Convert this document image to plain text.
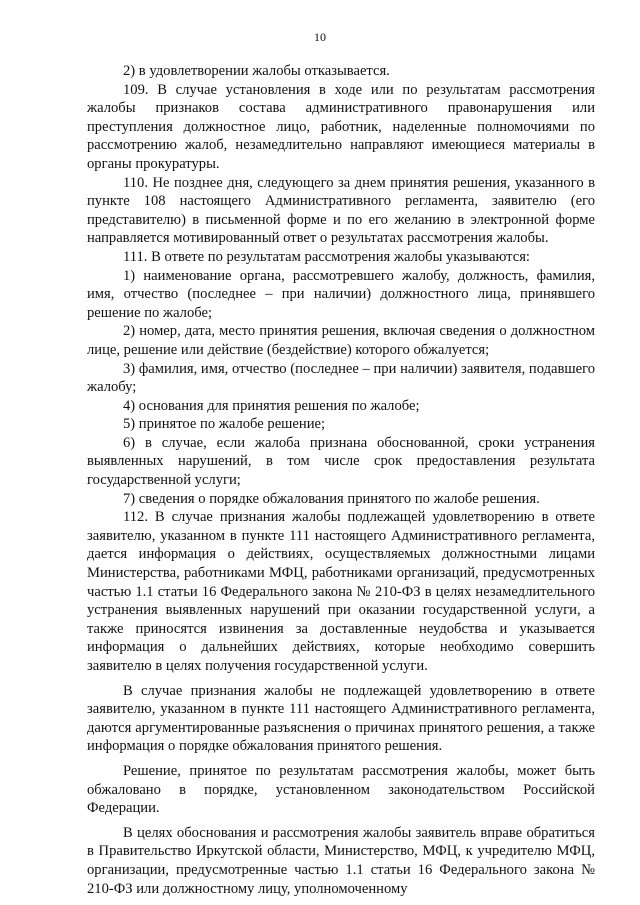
10

2) в удовлетворении жалобы отказывается.

109. В случае установления в ходе или по результатам рассмотрения жалобы признаков состава административного правонарушения или преступления должностное лицо, работник, наделенные полномочиями по рассмотрению жалоб, незамедлительно направляют имеющиеся материалы в органы прокуратуры.

110. Не позднее дня, следующего за днем принятия решения, указанного в пункте 108 настоящего Административного регламента, заявителю (его представителю) в письменной форме и по его желанию в электронной форме направляется мотивированный ответ о результатах рассмотрения жалобы.

111. В ответе по результатам рассмотрения жалобы указываются:

1) наименование органа, рассмотревшего жалобу, должность, фамилия, имя, отчество (последнее – при наличии) должностного лица, принявшего решение по жалобе;

2) номер, дата, место принятия решения, включая сведения о должностном лице, решение или действие (бездействие) которого обжалуется;

3) фамилия, имя, отчество (последнее – при наличии) заявителя, подавшего жалобу;

4) основания для принятия решения по жалобе;

5) принятое по жалобе решение;

6) в случае, если жалоба признана обоснованной, сроки устранения выявленных нарушений, в том числе срок предоставления результата государственной услуги;

7) сведения о порядке обжалования принятого по жалобе решения.

112. В случае признания жалобы подлежащей удовлетворению в ответе заявителю, указанном в пункте 111 настоящего Административного регламента, дается информация о действиях, осуществляемых должностными лицами Министерства, работниками МФЦ, работниками организаций, предусмотренных частью 1.1 статьи 16 Федерального закона № 210-ФЗ в целях незамедлительного устранения выявленных нарушений при оказании государственной услуги, а также приносятся извинения за доставленные неудобства и указывается информация о дальнейших действиях, которые необходимо совершить заявителю в целях получения государственной услуги.

В случае признания жалобы не подлежащей удовлетворению в ответе заявителю, указанном в пункте 111 настоящего Административного регламента, даются аргументированные разъяснения о причинах принятого решения, а также информация о порядке обжалования принятого решения.

Решение, принятое по результатам рассмотрения жалобы, может быть обжаловано в порядке, установленном законодательством Российской Федерации.

В целях обоснования и рассмотрения жалобы заявитель вправе обратиться в Правительство Иркутской области, Министерство, МФЦ, к учредителю МФЦ, организации, предусмотренные частью 1.1 статьи 16 Федерального закона № 210-ФЗ или должностному лицу, уполномоченному
